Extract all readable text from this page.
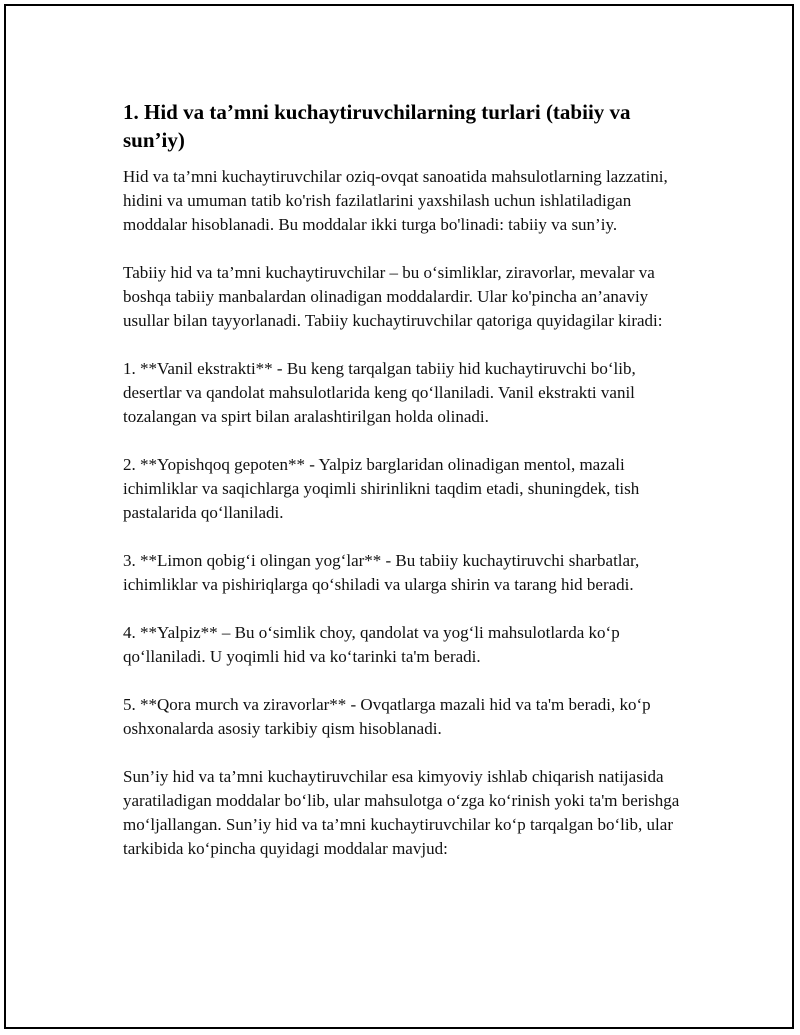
1. Hid va ta’mni kuchaytiruvchilarning turlari (tabiiy va sun’iy)

Hid va ta’mni kuchaytiruvchilar oziq-ovqat sanoatida mahsulotlarning lazzatini, hidini va umuman tatib ko'rish fazilatlarini yaxshilash uchun ishlatiladigan moddalar hisoblanadi. Bu moddalar ikki turga bo'linadi: tabiiy va sun’iy.

Tabiiy hid va ta’mni kuchaytiruvchilar – bu o‘simliklar, ziravorlar, mevalar va boshqa tabiiy manbalardan olinadigan moddalardir. Ular ko'pincha an’anaviy usullar bilan tayyorlanadi. Tabiiy kuchaytiruvchilar qatoriga quyidagilar kiradi:

1. **Vanil ekstrakti** - Bu keng tarqalgan tabiiy hid kuchaytiruvchi bo‘lib, desertlar va qandolat mahsulotlarida keng qo‘llaniladi. Vanil ekstrakti vanil tozalangan va spirt bilan aralashtirilgan holda olinadi.

2. **Yopishqoq gepoten** - Yalpiz barglaridan olinadigan mentol, mazali ichimliklar va saqichlarga yoqimli shirinlikni taqdim etadi, shuningdek, tish pastalarida qo‘llaniladi.

3. **Limon qobig‘i olingan yog‘lar** - Bu tabiiy kuchaytiruvchi sharbatlar, ichimliklar va pishiriqlarga qo‘shiladi va ularga shirin va tarang hid beradi.

4. **Yalpiz** – Bu o‘simlik choy, qandolat va yog‘li mahsulotlarda ko‘p qo‘llaniladi. U yoqimli hid va ko‘tarinki ta'm beradi.

5. **Qora murch va ziravorlar** - Ovqatlarga mazali hid va ta'm beradi, ko‘p oshxonalarda asosiy tarkibiy qism hisoblanadi.

Sun’iy hid va ta’mni kuchaytiruvchilar esa kimyoviy ishlab chiqarish natijasida yaratiladigan moddalar bo‘lib, ular mahsulotga o‘zga ko‘rinish yoki ta'm berishga mo‘ljallangan. Sun’iy hid va ta’mni kuchaytiruvchilar ko‘p tarqalgan bo‘lib, ular tarkibida ko‘pincha quyidagi moddalar mavjud:
